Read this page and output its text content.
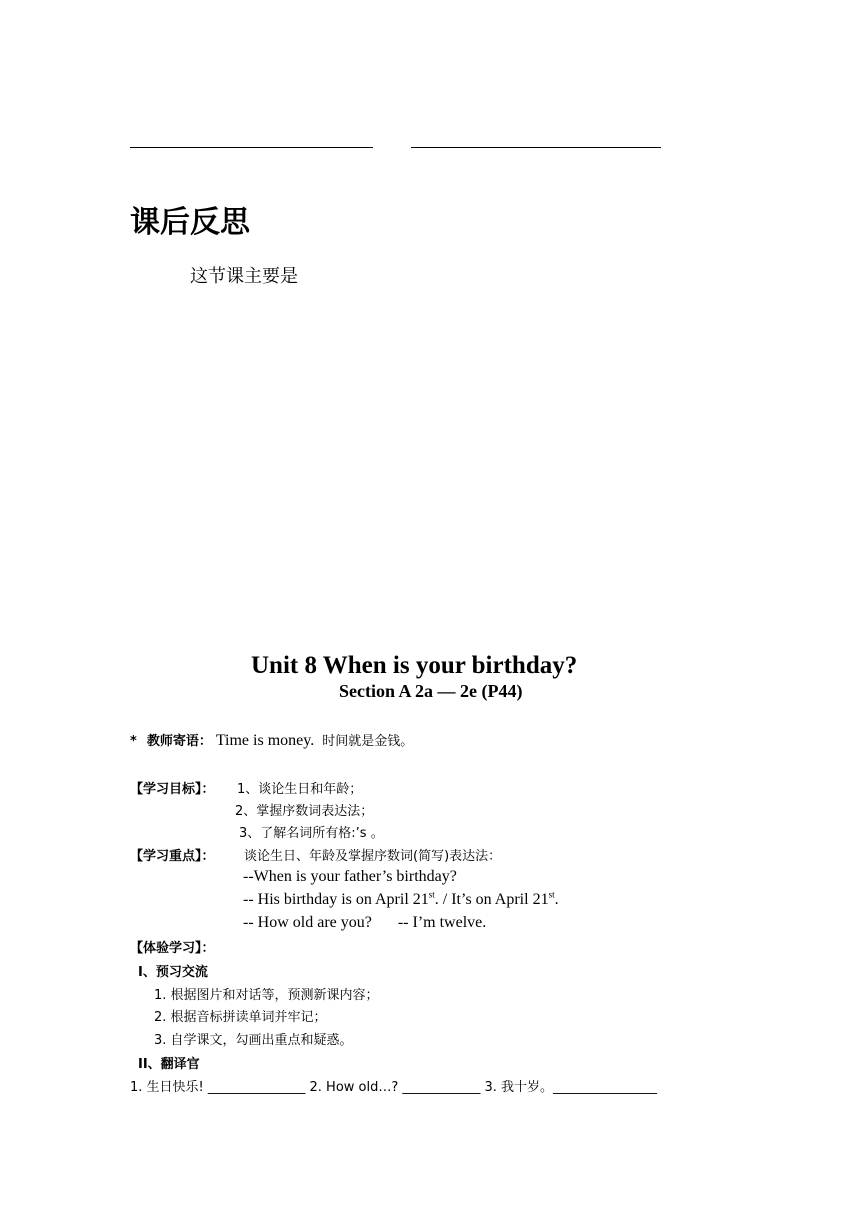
课后反思
这节课主要是
Unit 8 When is your birthday?
Section A 2a — 2e (P44)
* 教师寄语： Time is money. 时间就是金钱。
【学习目标】： 1、谈论生日和年龄；
2、掌握序数词表达法；
3、了解名词所有格:’s 。
【学习重点】： 谈论生日、年龄及掌握序数词(简写)表达法：
--When is your father’s birthday?
-- His birthday is on April 21st. / It’s on April 21st.
-- How old are you? -- I’m twelve.
【体验学习】：
I、预习交流
1. 根据图片和对话等，预测新课内容；
2. 根据音标拼读单词并牢记；
3. 自学课文，勾画出重点和疑惑。
II、翻译官
1. 生日快乐! _______________ 2. How old…? ____________ 3. 我十岁。________________
